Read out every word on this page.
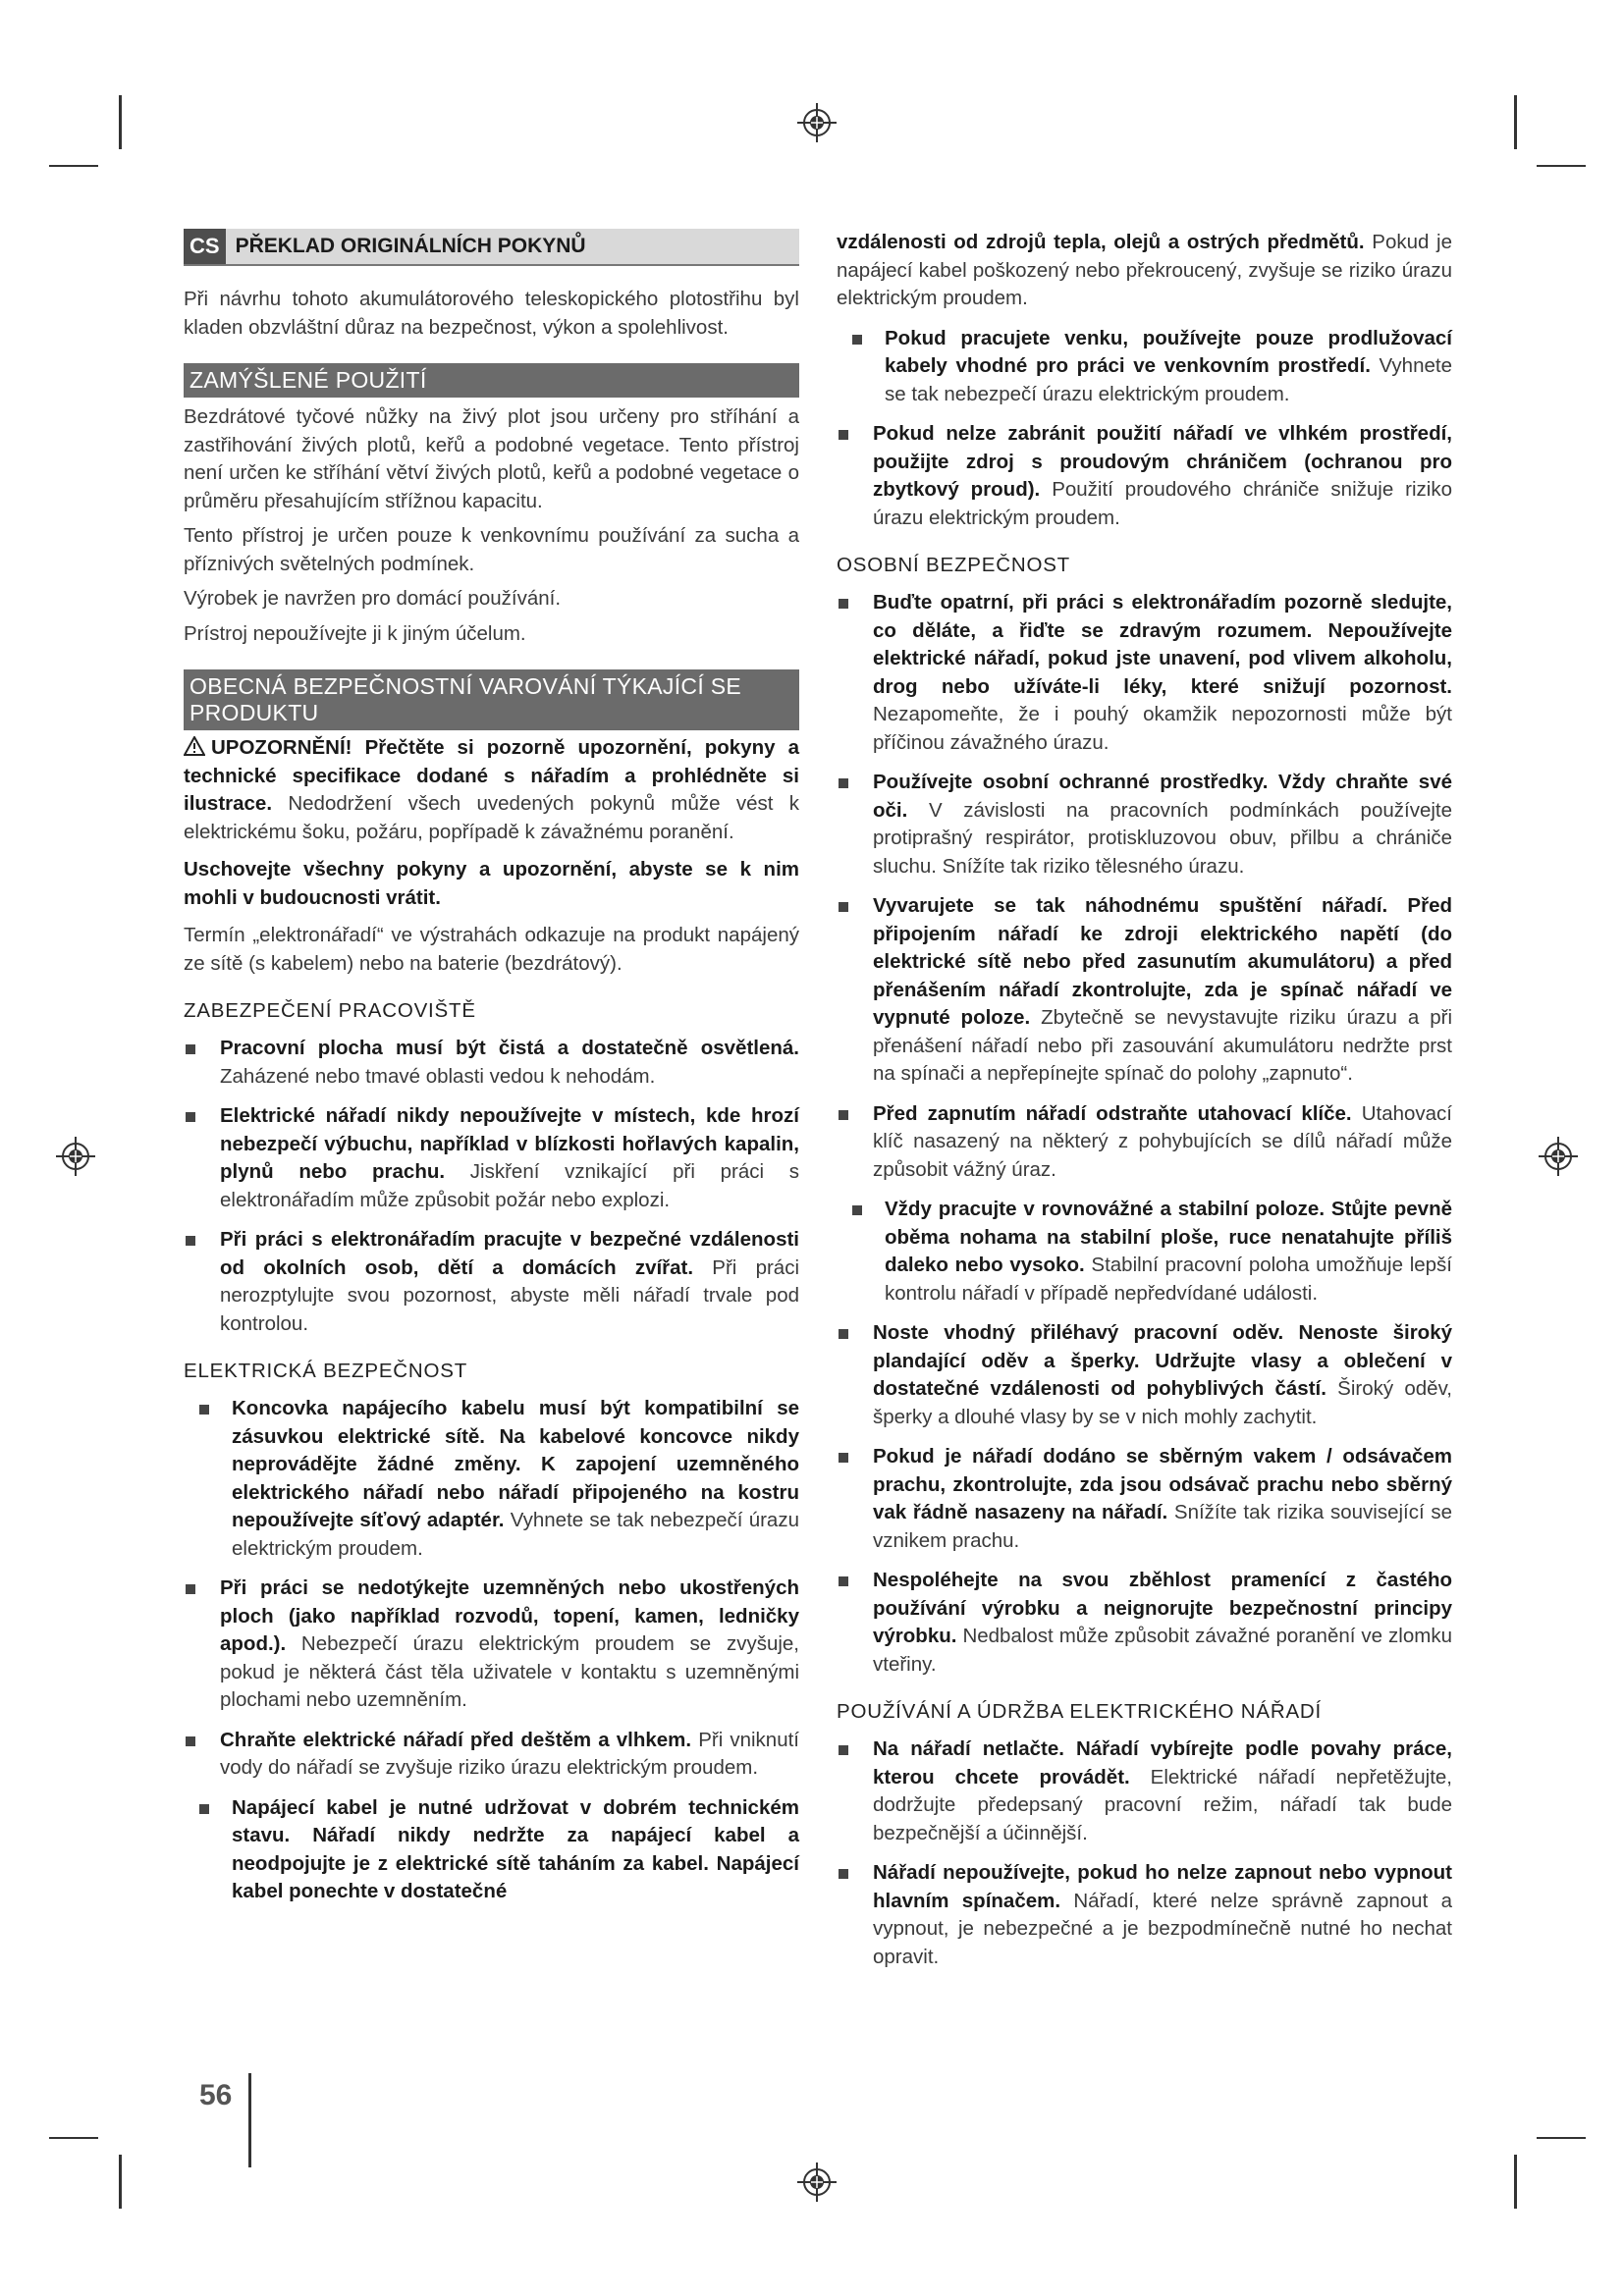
CS PŘEKLAD ORIGINÁLNÍCH POKYNŮ

Při návrhu tohoto akumulátorového teleskopického plotostřihu byl kladen obzvláštní důraz na bezpečnost, výkon a spolehlivost.

ZAMÝŠLENÉ POUŽITÍ

Bezdrátové tyčové nůžky na živý plot jsou určeny pro stříhání a zastřihování živých plotů, keřů a podobné vegetace. Tento přístroj není určen ke stříhání větví živých plotů, keřů a podobné vegetace o průměru přesahujícím střížnou kapacitu.

Tento přístroj je určen pouze k venkovnímu používání za sucha a příznivých světelných podmínek.

Výrobek je navržen pro domácí používání.

Prístroj nepoužívejte ji k jiným účelum.

OBECNÁ BEZPEČNOSTNÍ VAROVÁNÍ TÝKAJÍCÍ SE PRODUKTU

UPOZORNĚNÍ! Přečtěte si pozorně upozornění, pokyny a technické specifikace dodané s nářadím a prohlédněte si ilustrace. Nedodržení všech uvedených pokynů může vést k elektrickému šoku, požáru, popřípadě k závažnému poranění.

Uschovejte všechny pokyny a upozornění, abyste se k nim mohli v budoucnosti vrátit.

Termín „elektronářadí“ ve výstrahách odkazuje na produkt napájený ze sítě (s kabelem) nebo na baterie (bezdrátový).

ZABEZPEČENÍ PRACOVIŠTĚ

Pracovní plocha musí být čistá a dostatečně osvětlená. Zaházené nebo tmavé oblasti vedou k nehodám.

Elektrické nářadí nikdy nepoužívejte v místech, kde hrozí nebezpečí výbuchu, například v blízkosti hořlavých kapalin, plynů nebo prachu. Jiskření vznikající při práci s elektronářadím může způsobit požár nebo explozi.

Při práci s elektronářadím pracujte v bezpečné vzdálenosti od okolních osob, dětí a domácích zvířat. Při práci nerozptylujte svou pozornost, abyste měli nářadí trvale pod kontrolou.

ELEKTRICKÁ BEZPEČNOST

Koncovka napájecího kabelu musí být kompatibilní se zásuvkou elektrické sítě. Na kabelové koncovce nikdy neprovádějte žádné změny. K zapojení uzemněného elektrického nářadí nebo nářadí připojeného na kostru nepoužívejte síťový adaptér. Vyhnete se tak nebezpečí úrazu elektrickým proudem.

Při práci se nedotýkejte uzemněných nebo ukostřených ploch (jako například rozvodů, topení, kamen, ledničky apod.). Nebezpečí úrazu elektrickým proudem se zvyšuje, pokud je některá část těla uživatele v kontaktu s uzemněnými plochami nebo uzemněním.

Chraňte elektrické nářadí před deštěm a vlhkem. Při vniknutí vody do nářadí se zvyšuje riziko úrazu elektrickým proudem.

Napájecí kabel je nutné udržovat v dobrém technickém stavu. Nářadí nikdy nedržte za napájecí kabel a neodpojujte je z elektrické sítě taháním za kabel. Napájecí kabel ponechte v dostatečné

vzdálenosti od zdrojů tepla, olejů a ostrých předmětů. Pokud je napájecí kabel poškozený nebo překroucený, zvyšuje se riziko úrazu elektrickým proudem.

Pokud pracujete venku, používejte pouze prodlužovací kabely vhodné pro práci ve venkovním prostředí. Vyhnete se tak nebezpečí úrazu elektrickým proudem.

Pokud nelze zabránit použití nářadí ve vlhkém prostředí, použijte zdroj s proudovým chráničem (ochranou pro zbytkový proud). Použití proudového chrániče snižuje riziko úrazu elektrickým proudem.

OSOBNÍ BEZPEČNOST

Buďte opatrní, při práci s elektronářadím pozorně sledujte, co děláte, a řiďte se zdravým rozumem. Nepoužívejte elektrické nářadí, pokud jste unavení, pod vlivem alkoholu, drog nebo užíváte-li léky, které snižují pozornost. Nezapomeňte, že i pouhý okamžik nepozornosti může být příčinou závažného úrazu.

Používejte osobní ochranné prostředky. Vždy chraňte své oči. V závislosti na pracovních podmínkách používejte protiprašný respirátor, protiskluzovou obuv, přilbu a chrániče sluchu. Snížíte tak riziko tělesného úrazu.

Vyvarujete se tak náhodnému spuštění nářadí. Před připojením nářadí ke zdroji elektrického napětí (do elektrické sítě nebo před zasunutím akumulátoru) a před přenášením nářadí zkontrolujte, zda je spínač nářadí ve vypnuté poloze. Zbytečně se nevystavujte riziku úrazu a při přenášení nářadí nebo při zasouvání akumulátoru nedržte prst na spínači a nepřepínejte spínač do polohy „zapnuto“.

Před zapnutím nářadí odstraňte utahovací klíče. Utahovací klíč nasazený na některý z pohybujících se dílů nářadí může způsobit vážný úraz.

Vždy pracujte v rovnovážné a stabilní poloze. Stůjte pevně oběma nohama na stabilní ploše, ruce nenatahujte příliš daleko nebo vysoko. Stabilní pracovní poloha umožňuje lepší kontrolu nářadí v případě nepředvídané události.

Noste vhodný přiléhavý pracovní oděv. Nenoste široký plandající oděv a šperky. Udržujte vlasy a oblečení v dostatečné vzdálenosti od pohyblivých částí. Široký oděv, šperky a dlouhé vlasy by se v nich mohly zachytit.

Pokud je nářadí dodáno se sběrným vakem / odsávačem prachu, zkontrolujte, zda jsou odsávač prachu nebo sběrný vak řádně nasazeny na nářadí. Snížíte tak rizika související se vznikem prachu.

Nespoléhejte na svou zběhlost pramenící z častého používání výrobku a neignorujte bezpečnostní principy výrobku. Nedbalost může způsobit závažné poranění ve zlomku vteřiny.

POUŽÍVÁNÍ A ÚDRŽBA ELEKTRICKÉHO NÁŘADÍ

Na nářadí netlačte. Nářadí vybírejte podle povahy práce, kterou chcete provádět. Elektrické nářadí nepřetěžujte, dodržujte předepsaný pracovní režim, nářadí tak bude bezpečnější a účinnější.

Nářadí nepoužívejte, pokud ho nelze zapnout nebo vypnout hlavním spínačem. Nářadí, které nelze správně zapnout a vypnout, je nebezpečné a je bezpodmínečně nutné ho nechat opravit.

56
